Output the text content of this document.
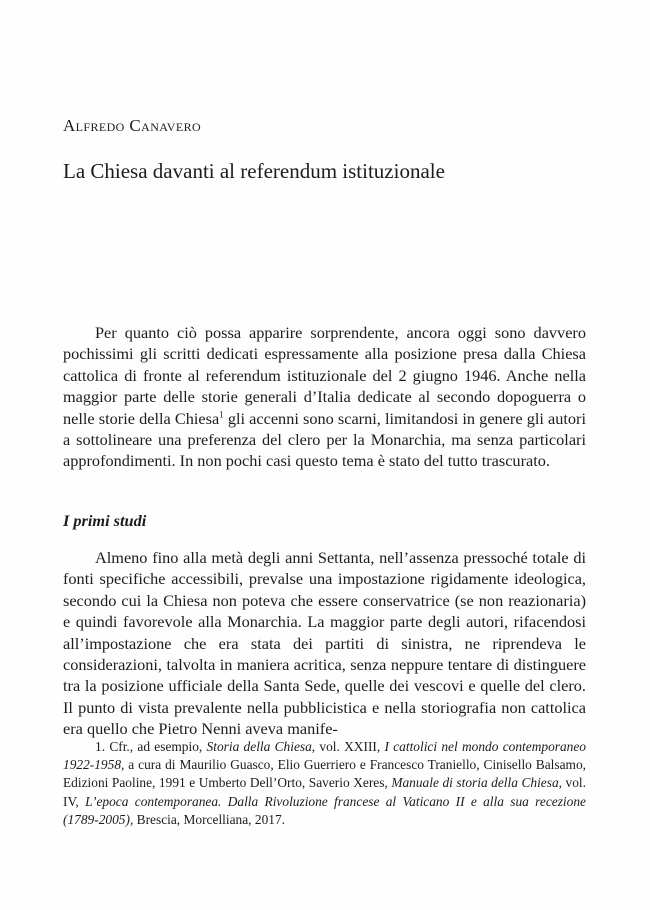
Alfredo Canavero

La Chiesa davanti al referendum istituzionale

Per quanto ciò possa apparire sorprendente, ancora oggi sono davvero pochissimi gli scritti dedicati espressamente alla posizione presa dalla Chiesa cattolica di fronte al referendum istituzionale del 2 giugno 1946. Anche nella maggior parte delle storie generali d’Italia dedicate al secondo dopoguerra o nelle storie della Chiesa$^1$ gli accenni sono scarni, limitandosi in genere gli autori a sottolineare una preferenza del clero per la Monarchia, ma senza particolari approfondimenti. In non pochi casi questo tema è stato del tutto trascurato.

I primi studi

Almeno fino alla metà degli anni Settanta, nell’assenza pressoché totale di fonti specifiche accessibili, prevalse una impostazione rigidamente ideologica, secondo cui la Chiesa non poteva che essere conservatrice (se non reazionaria) e quindi favorevole alla Monarchia. La maggior parte degli autori, rifacendosi all’impostazione che era stata dei partiti di sinistra, ne riprendeva le considerazioni, talvolta in maniera acritica, senza neppure tentare di distinguere tra la posizione ufficiale della Santa Sede, quelle dei vescovi e quelle del clero. Il punto di vista prevalente nella pubblicistica e nella storiografia non cattolica era quello che Pietro Nenni aveva manife-

1. Cfr., ad esempio, Storia della Chiesa, vol. XXIII, I cattolici nel mondo contemporaneo 1922-1958, a cura di Maurilio Guasco, Elio Guerriero e Francesco Traniello, Cinisello Balsamo, Edizioni Paoline, 1991 e Umberto Dell’Orto, Saverio Xeres, Manuale di storia della Chiesa, vol. IV, L’epoca contemporanea. Dalla Rivoluzione francese al Vaticano II e alla sua recezione (1789-2005), Brescia, Morcelliana, 2017.
